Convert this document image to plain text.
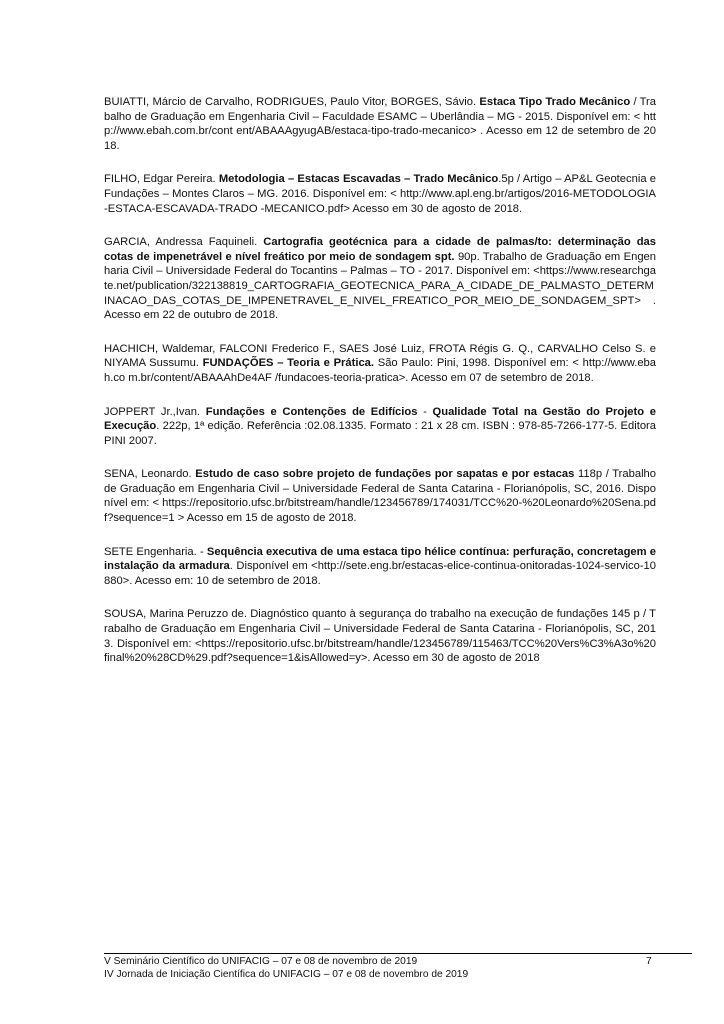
BUIATTI, Márcio de Carvalho, RODRIGUES, Paulo Vitor, BORGES, Sávio. Estaca Tipo Trado Mecânico / Trabalho de Graduação em Engenharia Civil – Faculdade ESAMC – Uberlândia – MG - 2015. Disponível em: < http://www.ebah.com.br/cont ent/ABAAAgyugAB/estaca-tipo-trado-mecanico> . Acesso em 12 de setembro de 2018.

FILHO, Edgar Pereira. Metodologia – Estacas Escavadas – Trado Mecânico.5p / Artigo – AP&L Geotecnia e Fundações – Montes Claros – MG. 2016. Disponível em: < http://www.apl.eng.br/artigos/2016-METODOLOGIA-ESTACA-ESCAVADA-TRADO -MECANICO.pdf> Acesso em 30 de agosto de 2018.

GARCIA, Andressa Faquineli. Cartografia geotécnica para a cidade de palmas/to: determinação das cotas de impenetrável e nível freático por meio de sondagem spt. 90p. Trabalho de Graduação em Engenharia Civil – Universidade Federal do Tocantins – Palmas – TO - 2017. Disponível em: <https://www.researchgate.net/publication/322138819_CARTOGRAFIA_GEOTECNICA_PARA_A_CIDADE_DE_PALMASTO_DETERMINACAO_DAS_COTAS_DE_IMPENETRAVEL_E_NIVEL_FREATICO_POR_MEIO_DE_SONDAGEM_SPT> . Acesso em 22 de outubro de 2018.

HACHICH, Waldemar, FALCONI Frederico F., SAES José Luiz, FROTA Régis G. Q., CARVALHO Celso S. e NIYAMA Sussumu. FUNDAÇÕES – Teoria e Prática. São Paulo: Pini, 1998. Disponível em: < http://www.ebah.co m.br/content/ABAAAhDe4AF /fundacoes-teoria-pratica>. Acesso em 07 de setembro de 2018.

JOPPERT Jr.,Ivan. Fundações e Contenções de Edifícios - Qualidade Total na Gestão do Projeto e Execução. 222p, 1ª edição. Referência :02.08.1335. Formato : 21 x 28 cm. ISBN : 978-85-7266-177-5. Editora PINI 2007.

SENA, Leonardo. Estudo de caso sobre projeto de fundações por sapatas e por estacas 118p / Trabalho de Graduação em Engenharia Civil – Universidade Federal de Santa Catarina - Florianópolis, SC, 2016. Disponível em: < https://repositorio.ufsc.br/bitstream/handle/123456789/174031/TCC%20-%20Leonardo%20Sena.pdf?sequence=1 > Acesso em 15 de agosto de 2018.

SETE Engenharia. - Sequência executiva de uma estaca tipo hélice contínua: perfuração, concretagem e instalação da armadura. Disponível em <http://sete.eng.br/estacas-elice-continua-onitoradas-1024-servico-10880>. Acesso em: 10 de setembro de 2018.

SOUSA, Marina Peruzzo de. Diagnóstico quanto à segurança do trabalho na execução de fundações 145 p / Trabalho de Graduação em Engenharia Civil – Universidade Federal de Santa Catarina - Florianópolis, SC, 2013. Disponível em: <https://repositorio.ufsc.br/bitstream/handle/123456789/115463/TCC%20Vers%C3%A3o%20final%20%28CD%29.pdf?sequence=1&isAllowed=y>. Acesso em 30 de agosto de 2018

V Seminário Científico do UNIFACIG – 07 e 08 de novembro de 2019
IV Jornada de Iniciação Científica do UNIFACIG – 07 e 08 de novembro de 2019
7
